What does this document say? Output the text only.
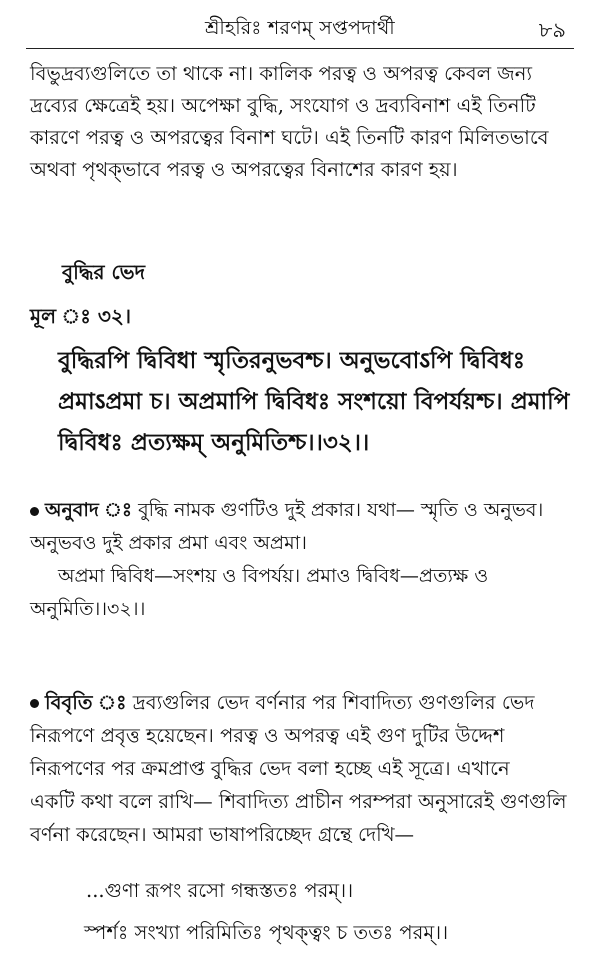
শ্রীহরিঃ শরণম্ সপ্তপদার্থী	৮৯
বিভুদ্রব্যগুলিতে তা থাকে না। কালিক পরত্ব ও অপরত্ব কেবল জন্য
দ্রব্যের ক্ষেত্রেই হয়। অপেক্ষা বুদ্ধি, সংযোগ ও দ্রব্যবিনাশ এই তিনটি
কারণে পরত্ব ও অপরত্বের বিনাশ ঘটে। এই তিনটি কারণ মিলিতভাবে
অথবা পৃথক্‌ভাবে পরত্ব ও অপরত্বের বিনাশের কারণ হয়।
বুদ্ধির ভেদ
মূল ঃ ৩২।
বুদ্ধিরপি দ্বিবিধা স্মৃতিরনুভবশ্চ। অনুভবোऽপি দ্বিবিধঃ
প্রমাऽপ্রমা চ। অপ্রমাপি দ্বিবিধঃ সংশয়ো বিপর্যয়শ্চ। প্রমাপি
দ্বিবিধঃ প্রত্যক্ষম্ অনুমিতিশ্চ।।৩২।।
অনুবাদ ঃ বুদ্ধি নামক গুণটিও দুই প্রকার। যথা— স্মৃতি ও অনুভব।
অনুভবও দুই প্রকার প্রমা এবং অপ্রমা।
অপ্রমা দ্বিবিধ—সংশয় ও বিপর্যয়। প্রমাও দ্বিবিধ—প্রত্যক্ষ ও
অনুমিতি।।৩২।।
বিবৃতি ঃ দ্রব্যগুলির ভেদ বর্ণনার পর শিবাদিত্য গুণগুলির ভেদ
নিরূপণে প্রবৃত্ত হয়েছেন। পরত্ব ও অপরত্ব এই গুণ দুটির উদ্দেশ
নিরূপণের পর ক্রমপ্রাপ্ত বুদ্ধির ভেদ বলা হচ্ছে এই সূত্রে। এখানে
একটি কথা বলে রাখি— শিবাদিত্য প্রাচীন পরম্পরা অনুসারেই গুণগুলি
বর্ণনা করেছেন। আমরা ভাষাপরিচ্ছেদ গ্রন্থে দেখি—
...গুণা রূপং রসো গন্ধস্ততঃ পরম্।।
স্পর্শঃ সংখ্যা পরিমিতিঃ পৃথক্ত্বং চ ততঃ পরম্।।
